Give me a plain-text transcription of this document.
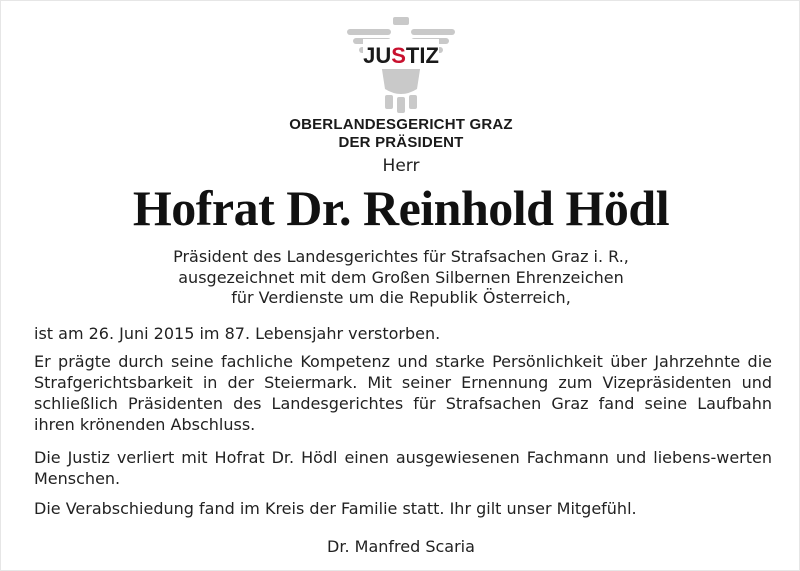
JUSTIZ
OBERLANDESGERICHT GRAZ
DER PRÄSIDENT
Herr
Hofrat Dr. Reinhold Hödl
Präsident des Landesgerichtes für Strafsachen Graz i. R.,
ausgezeichnet mit dem Großen Silbernen Ehrenzeichen
für Verdienste um die Republik Österreich,
ist am 26. Juni 2015 im 87. Lebensjahr verstorben.
Er prägte durch seine fachliche Kompetenz und starke Persönlichkeit über Jahrzehnte die Strafgerichtsbarkeit in der Steiermark. Mit seiner Ernennung zum Vizepräsidenten und schließlich Präsidenten des Landesgerichtes für Strafsachen Graz fand seine Laufbahn ihren krönenden Abschluss.
Die Justiz verliert mit Hofrat Dr. Hödl einen ausgewiesenen Fachmann und liebens-werten Menschen.
Die Verabschiedung fand im Kreis der Familie statt. Ihr gilt unser Mitgefühl.
Dr. Manfred Scaria
